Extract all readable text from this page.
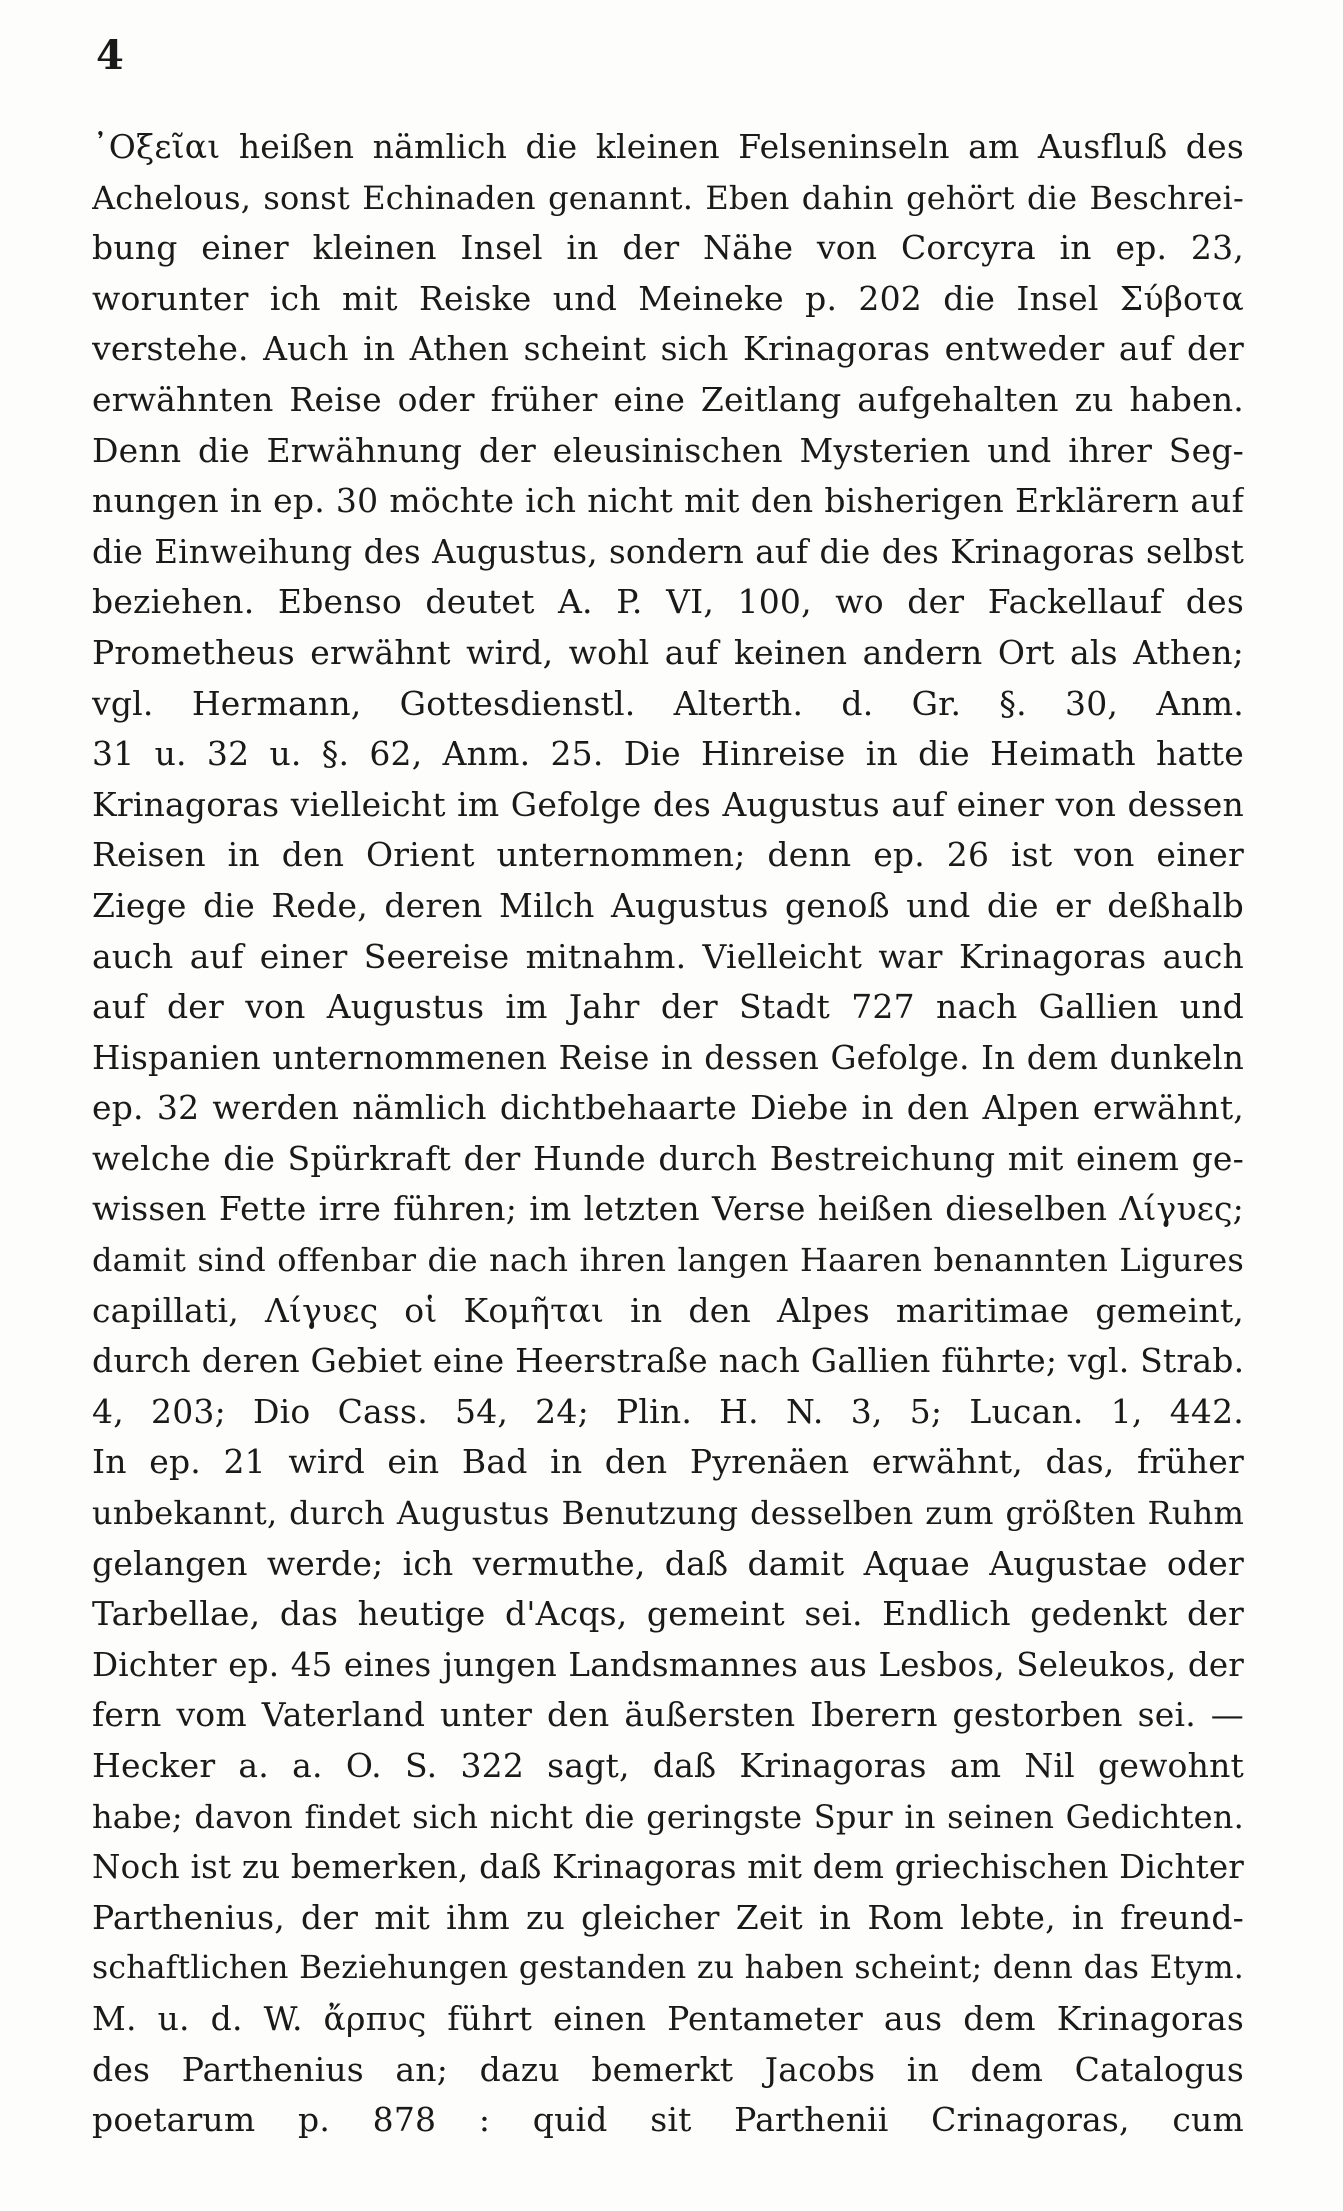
4
᾿Οξεῖαι heißen nämlich die kleinen Felseninseln am Ausfluß des
Achelous, sonst Echinaden genannt. Eben dahin gehört die Beschrei-
bung einer kleinen Insel in der Nähe von Corcyra in ep. 23,
worunter ich mit Reiske und Meineke p. 202 die Insel Σύβοτα
verstehe. Auch in Athen scheint sich Krinagoras entweder auf der
erwähnten Reise oder früher eine Zeitlang aufgehalten zu haben.
Denn die Erwähnung der eleusinischen Mysterien und ihrer Seg-
nungen in ep. 30 möchte ich nicht mit den bisherigen Erklärern auf
die Einweihung des Augustus, sondern auf die des Krinagoras selbst
beziehen. Ebenso deutet A. P. VI, 100, wo der Fackellauf des
Prometheus erwähnt wird, wohl auf keinen andern Ort als Athen;
vgl. Hermann, Gottesdienstl. Alterth. d. Gr. §. 30, Anm.
31 u. 32 u. §. 62, Anm. 25. Die Hinreise in die Heimath hatte
Krinagoras vielleicht im Gefolge des Augustus auf einer von dessen
Reisen in den Orient unternommen; denn ep. 26 ist von einer
Ziege die Rede, deren Milch Augustus genoß und die er deßhalb
auch auf einer Seereise mitnahm. Vielleicht war Krinagoras auch
auf der von Augustus im Jahr der Stadt 727 nach Gallien und
Hispanien unternommenen Reise in dessen Gefolge. In dem dunkeln
ep. 32 werden nämlich dichtbehaarte Diebe in den Alpen erwähnt,
welche die Spürkraft der Hunde durch Bestreichung mit einem ge-
wissen Fette irre führen; im letzten Verse heißen dieselben Λίγυες;
damit sind offenbar die nach ihren langen Haaren benannten Ligures
capillati, Λίγυες οἱ Κομῆται in den Alpes maritimae gemeint,
durch deren Gebiet eine Heerstraße nach Gallien führte; vgl. Strab.
4, 203; Dio Cass. 54, 24; Plin. H. N. 3, 5; Lucan. 1, 442.
In ep. 21 wird ein Bad in den Pyrenäen erwähnt, das, früher
unbekannt, durch Augustus Benutzung desselben zum größten Ruhm
gelangen werde; ich vermuthe, daß damit Aquae Augustae oder
Tarbellae, das heutige d'Acqs, gemeint sei. Endlich gedenkt der
Dichter ep. 45 eines jungen Landsmannes aus Lesbos, Seleukos, der
fern vom Vaterland unter den äußersten Iberern gestorben sei. —
Hecker a. a. O. S. 322 sagt, daß Krinagoras am Nil gewohnt
habe; davon findet sich nicht die geringste Spur in seinen Gedichten.
Noch ist zu bemerken, daß Krinagoras mit dem griechischen Dichter
Parthenius, der mit ihm zu gleicher Zeit in Rom lebte, in freund-
schaftlichen Beziehungen gestanden zu haben scheint; denn das Etym.
M. u. d. W. ἄρπυς führt einen Pentameter aus dem Krinagoras
des Parthenius an; dazu bemerkt Jacobs in dem Catalogus
poetarum p. 878 : quid sit Parthenii Crinagoras, cum
